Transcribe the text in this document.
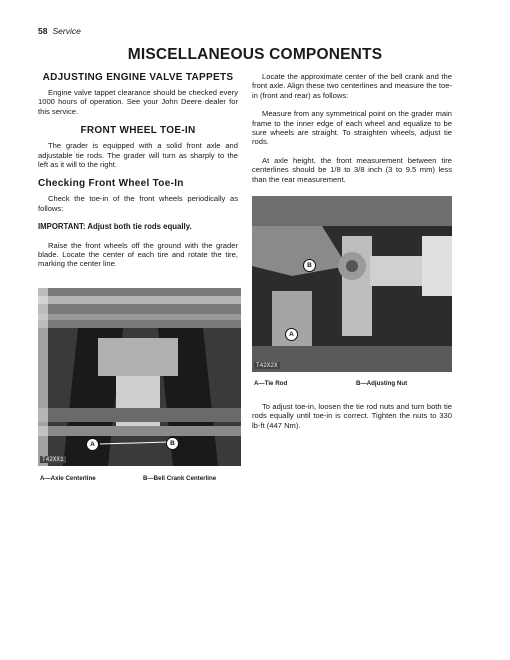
58 Service
MISCELLANEOUS COMPONENTS
ADJUSTING ENGINE VALVE TAPPETS

Engine valve tappet clearance should be checked every 1000 hours of operation. See your John Deere dealer for this service.

FRONT WHEEL TOE-IN

The grader is equipped with a solid front axle and adjustable tie rods. The grader will turn as sharply to the left as it will to the right.

Checking Front Wheel Toe-In

Check the toe-in of the front wheels periodically as follows:

IMPORTANT: Adjust both tie rods equally.

Raise the front wheels off the ground with the grader blade. Locate the center of each tire and rotate the tire, marking the center line.

A	B
T42XX1
A—Axle Centerline	B—Bell Crank Centerline

Locate the approximate center of the bell crank and the front axle. Align these two centerlines and measure the toe-in (front and rear) as follows:

Measure from any symmetrical point on the grader main frame to the inner edge of each wheel and equalize to be sure wheels are straight. To straighten wheels, adjust tie rods.

At axle height, the front measurement between tire centerlines should be 1/8 to 3/8 inch (3 to 9.5 mm) less than the rear measurement.

A
B
T42X2X
A—Tie Rod	B—Adjusting Nut

To adjust toe-in, loosen the tie rod nuts and turn both tie rods equally until toe-in is correct. Tighten the nuts to 330 lb-ft (447 Nm).
